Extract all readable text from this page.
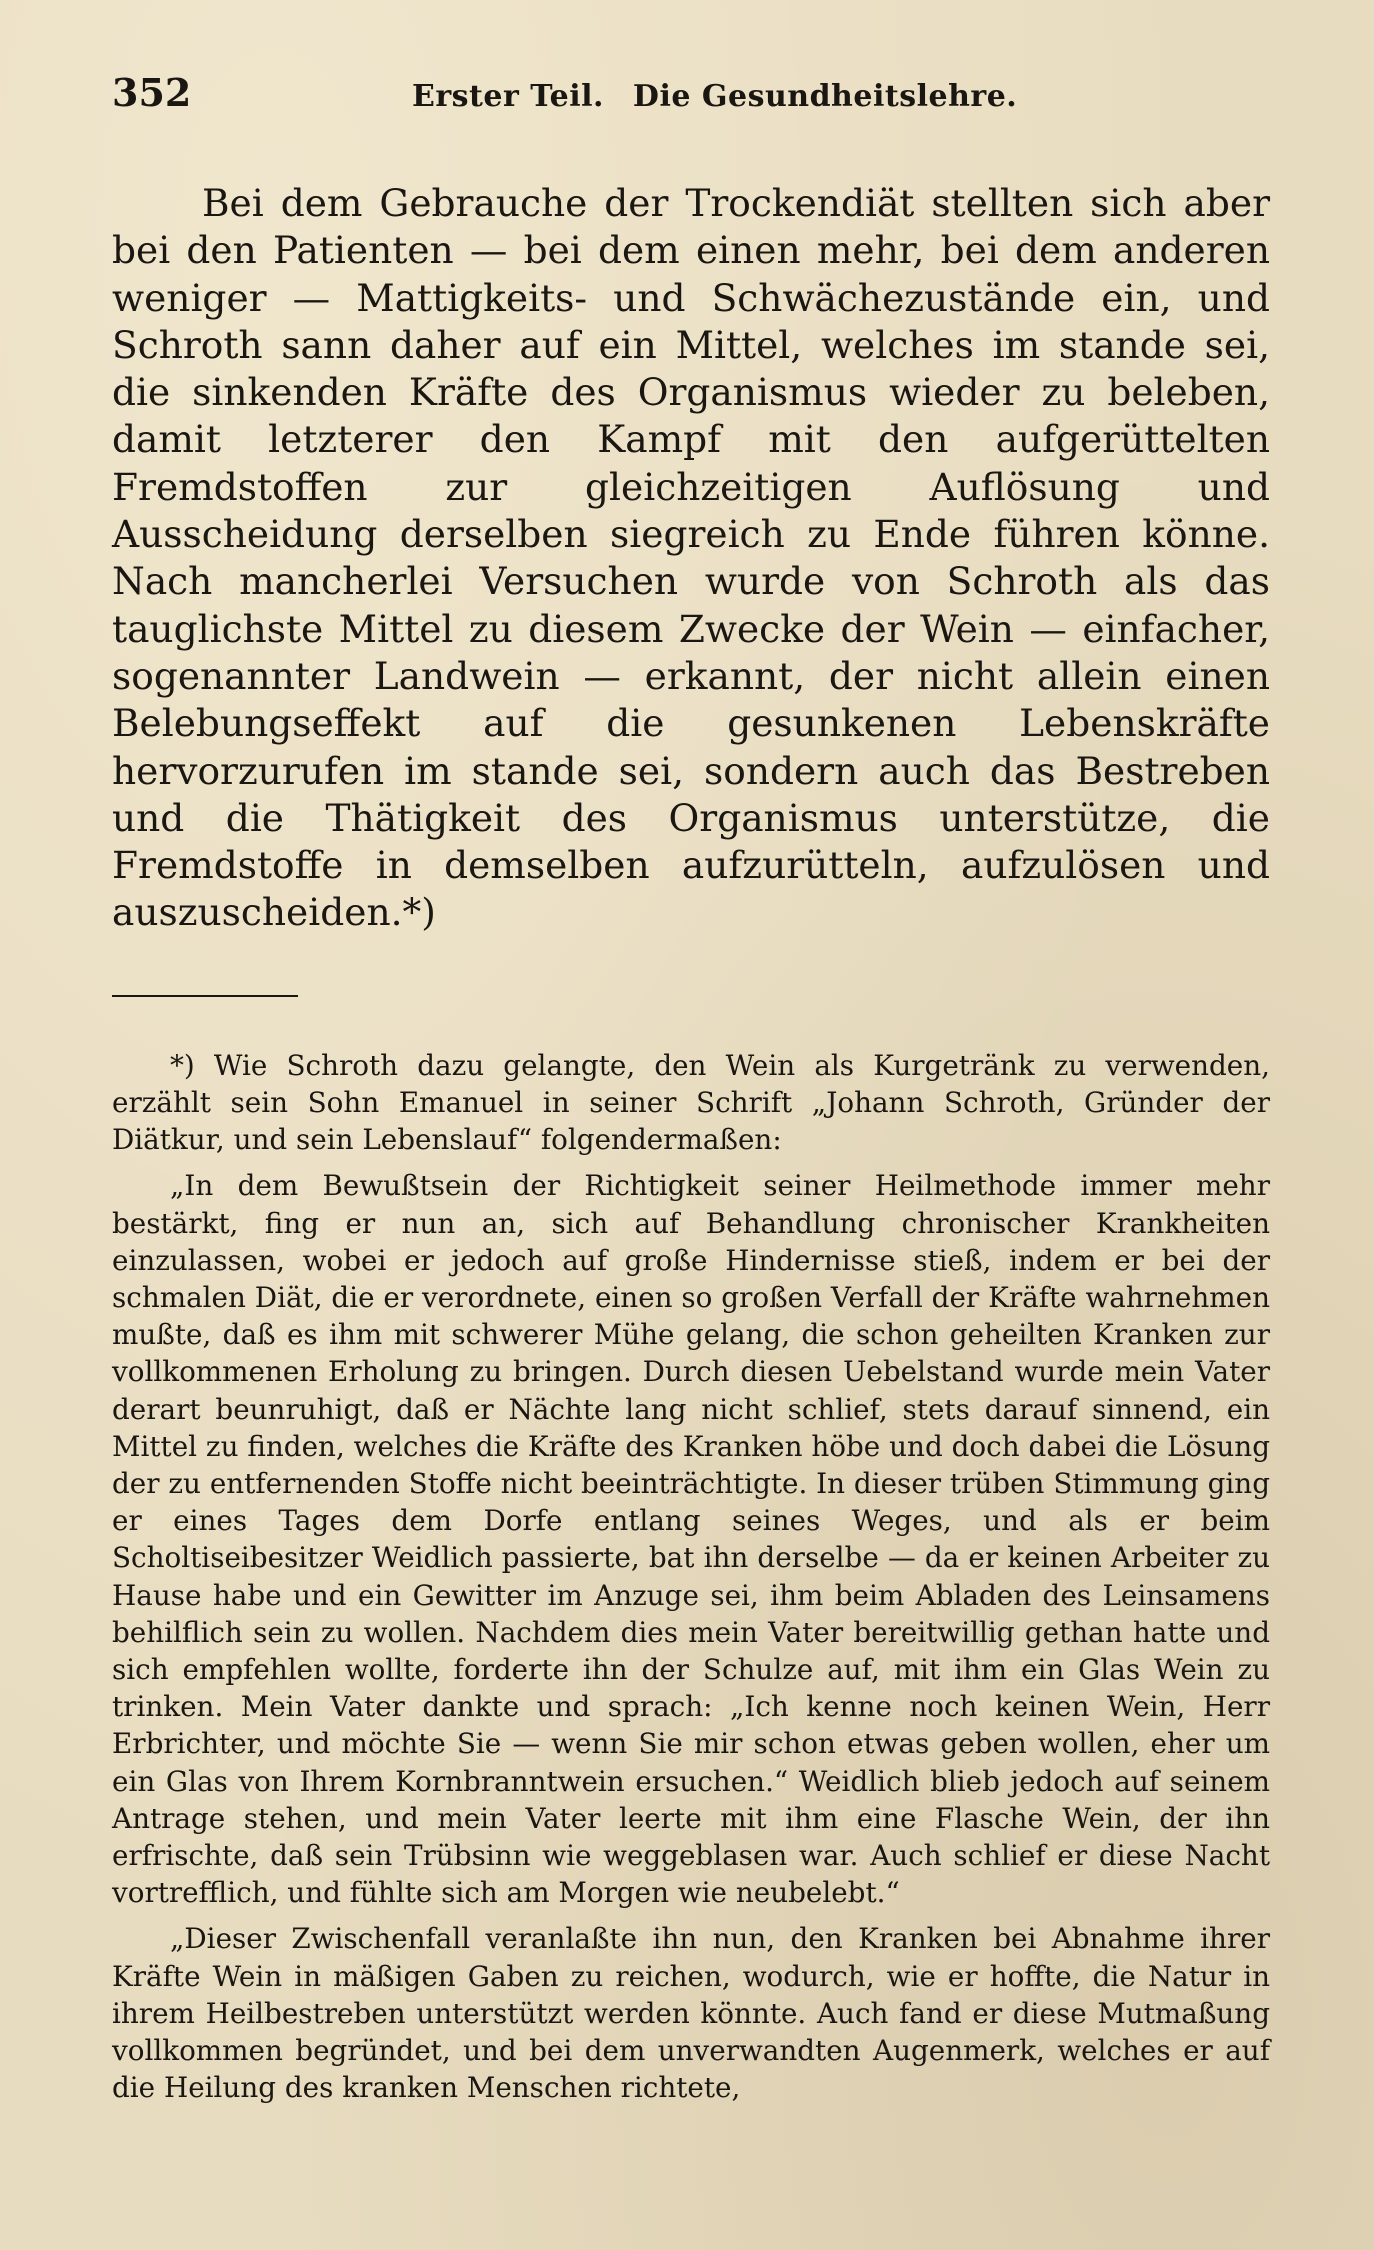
352	Erster Teil. Die Gesundheitslehre.

Bei dem Gebrauche der Trockendiät stellten sich aber bei den Patienten — bei dem einen mehr, bei dem anderen weniger — Mattigkeits- und Schwächezustände ein, und Schroth sann daher auf ein Mittel, welches im stande sei, die sinkenden Kräfte des Organismus wieder zu beleben, damit letzterer den Kampf mit den aufgerüttelten Fremdstoffen zur gleichzeitigen Auflösung und Ausscheidung derselben siegreich zu Ende führen könne. Nach mancherlei Versuchen wurde von Schroth als das tauglichste Mittel zu diesem Zwecke der Wein — einfacher, sogenannter Landwein — erkannt, der nicht allein einen Belebungseffekt auf die gesunkenen Lebenskräfte hervorzurufen im stande sei, sondern auch das Bestreben und die Thätigkeit des Organismus unterstütze, die Fremdstoffe in demselben aufzurütteln, aufzulösen und auszuscheiden.*)

*) Wie Schroth dazu gelangte, den Wein als Kurgetränk zu verwenden, erzählt sein Sohn Emanuel in seiner Schrift „Johann Schroth, Gründer der Diätkur, und sein Lebenslauf“ folgendermaßen:

„In dem Bewußtsein der Richtigkeit seiner Heilmethode immer mehr bestärkt, fing er nun an, sich auf Behandlung chronischer Krankheiten einzulassen, wobei er jedoch auf große Hindernisse stieß, indem er bei der schmalen Diät, die er verordnete, einen so großen Verfall der Kräfte wahrnehmen mußte, daß es ihm mit schwerer Mühe gelang, die schon geheilten Kranken zur vollkommenen Erholung zu bringen. Durch diesen Uebelstand wurde mein Vater derart beunruhigt, daß er Nächte lang nicht schlief, stets darauf sinnend, ein Mittel zu finden, welches die Kräfte des Kranken höbe und doch dabei die Lösung der zu entfernenden Stoffe nicht beeinträchtigte. In dieser trüben Stimmung ging er eines Tages dem Dorfe entlang seines Weges, und als er beim Scholtiseibesitzer Weidlich passierte, bat ihn derselbe — da er keinen Arbeiter zu Hause habe und ein Gewitter im Anzuge sei, ihm beim Abladen des Leinsamens behilflich sein zu wollen. Nachdem dies mein Vater bereitwillig gethan hatte und sich empfehlen wollte, forderte ihn der Schulze auf, mit ihm ein Glas Wein zu trinken. Mein Vater dankte und sprach: „Ich kenne noch keinen Wein, Herr Erbrichter, und möchte Sie — wenn Sie mir schon etwas geben wollen, eher um ein Glas von Ihrem Kornbranntwein ersuchen.“ Weidlich blieb jedoch auf seinem Antrage stehen, und mein Vater leerte mit ihm eine Flasche Wein, der ihn erfrischte, daß sein Trübsinn wie weggeblasen war. Auch schlief er diese Nacht vortrefflich, und fühlte sich am Morgen wie neubelebt.“

„Dieser Zwischenfall veranlaßte ihn nun, den Kranken bei Abnahme ihrer Kräfte Wein in mäßigen Gaben zu reichen, wodurch, wie er hoffte, die Natur in ihrem Heilbestreben unterstützt werden könnte. Auch fand er diese Mutmaßung vollkommen begründet, und bei dem unverwandten Augenmerk, welches er auf die Heilung des kranken Menschen richtete,
